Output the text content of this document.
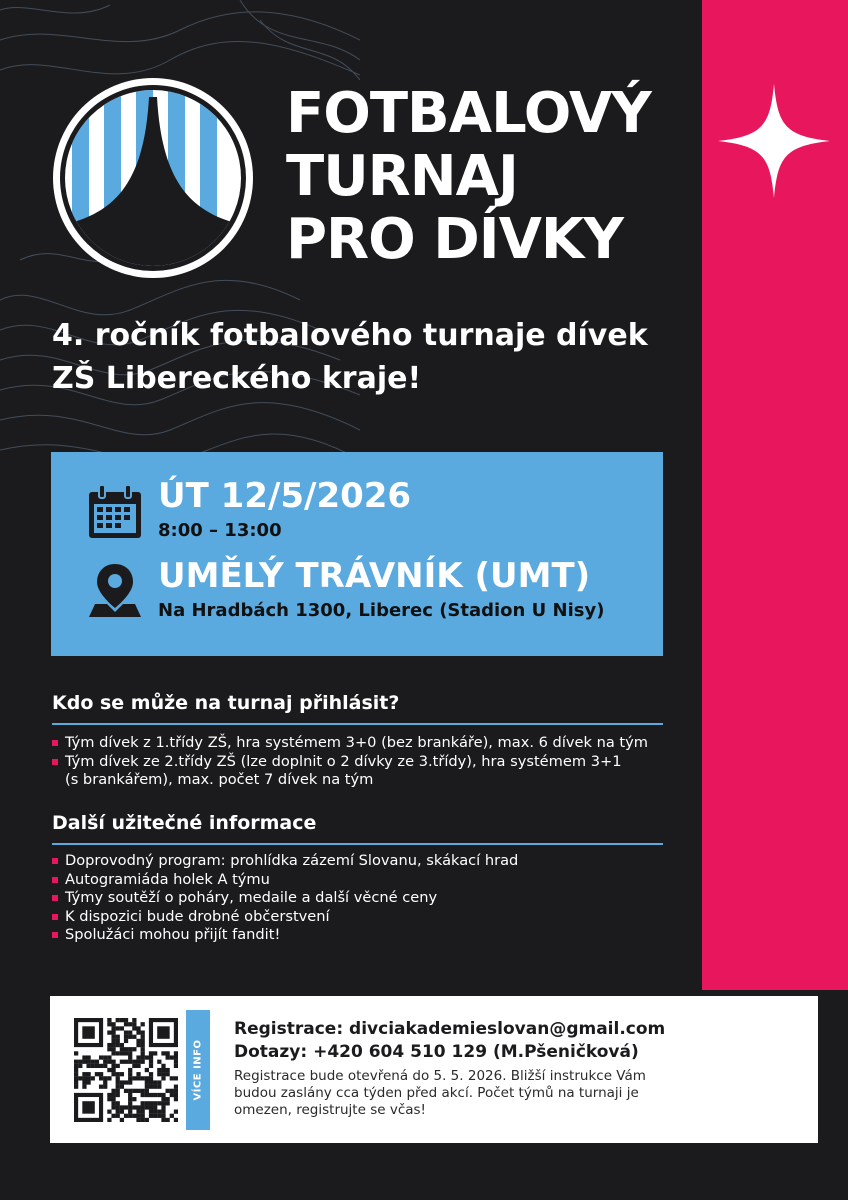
FOTBALOVÝ
TURNAJ
PRO DÍVKY

4. ročník fotbalového turnaje dívek
ZŠ Libereckého kraje!

ÚT 12/5/2026
8:00 – 13:00
UMĚLÝ TRÁVNÍK (UMT)
Na Hradbách 1300, Liberec (Stadion U Nisy)
Kdo se může na turnaj přihlásit?
Tým dívek z 1.třídy ZŠ, hra systémem 3+0 (bez brankáře), max. 6 dívek na tým
Tým dívek ze 2.třídy ZŠ (lze doplnit o 2 dívky ze 3.třídy), hra systémem 3+1
(s brankářem), max. počet 7 dívek na tým
Další užitečné informace
Doprovodný program: prohlídka zázemí Slovanu, skákací hrad
Autogramiáda holek A týmu
Týmy soutěží o poháry, medaile a další věcné ceny
K dispozici bude drobné občerstvení
Spolužáci mohou přijít fandit!
VÍCE INFO
Registrace: divciakademieslovan@gmail.com
Dotazy: +420 604 510 129 (M.Pšeničková)

Registrace bude otevřená do 5. 5. 2026. Bližší instrukce Vám
budou zaslány cca týden před akcí. Počet týmů na turnaji je
omezen, registrujte se včas!
